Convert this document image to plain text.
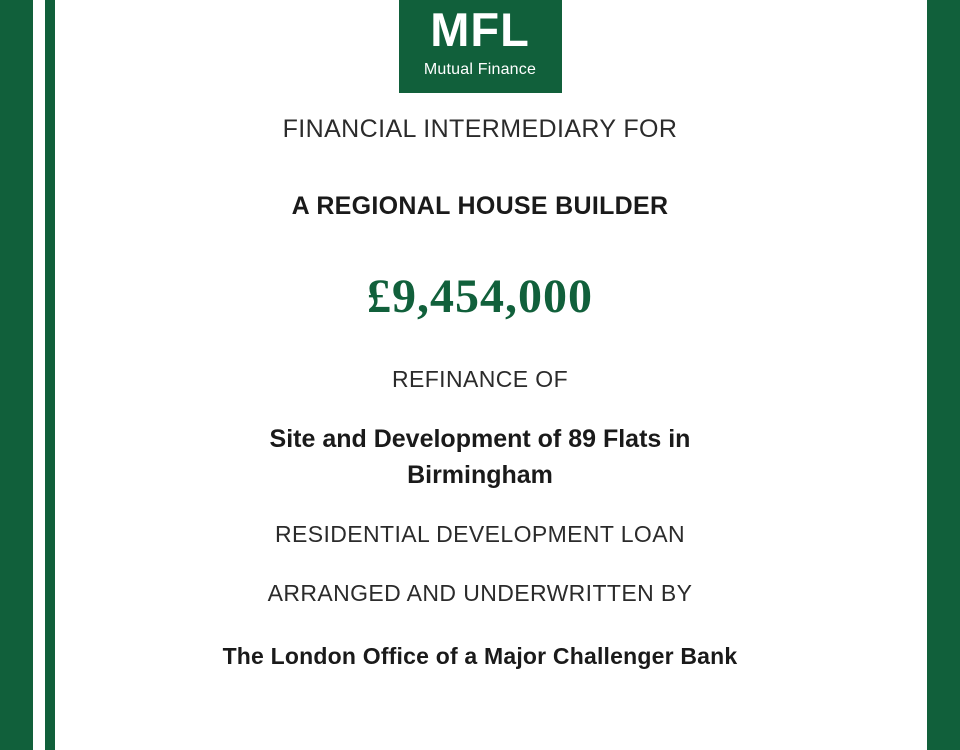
MFL
Mutual Finance
FINANCIAL INTERMEDIARY FOR
A REGIONAL HOUSE BUILDER
£9,454,000
REFINANCE OF
Site and Development of 89 Flats in Birmingham
RESIDENTIAL DEVELOPMENT LOAN
ARRANGED AND UNDERWRITTEN BY
The London Office of a Major Challenger Bank
